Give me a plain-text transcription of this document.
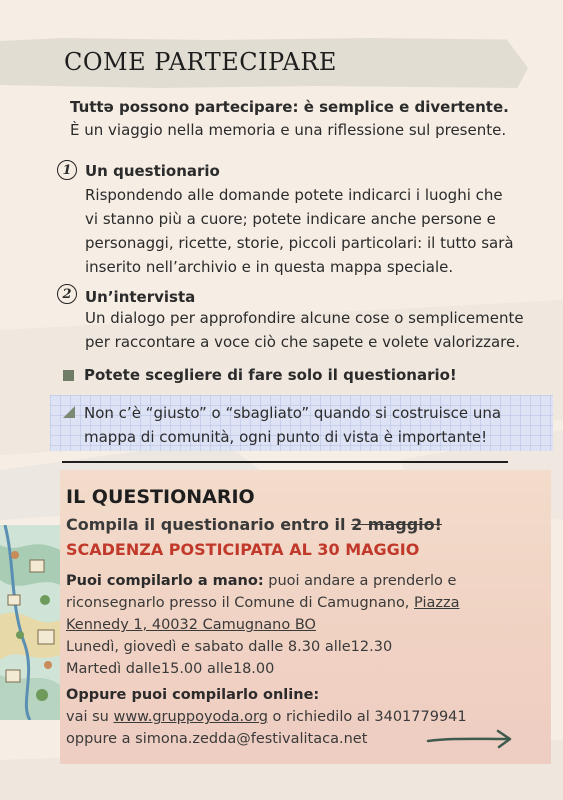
COME PARTECIPARE

Tuttə possono partecipare: è semplice e divertente.

È un viaggio nella memoria e una riflessione sul presente.

1 Un questionario

Rispondendo alle domande potete indicarci i luoghi che
vi stanno più a cuore; potete indicare anche persone e
personaggi, ricette, storie, piccoli particolari: il tutto sarà
inserito nell’archivio e in questa mappa speciale.
2 Un’intervista

Un dialogo per approfondire alcune cose o semplicemente
per raccontare a voce ciò che sapete e volete valorizzare.

Potete scegliere di fare solo il questionario!

Non c’è “giusto” o “sbagliato” quando si costruisce una
mappa di comunità, ogni punto di vista è importante!
IL QUESTIONARIO

Compila il questionario entro il 2 maggio!

SCADENZA POSTICIPATA AL 30 MAGGIO

Puoi compilarlo a mano: puoi andare a prenderlo e
riconsegnarlo presso il Comune di Camugnano, Piazza
Kennedy 1, 40032 Camugnano BO
Lunedì, giovedì e sabato dalle 8.30 alle12.30
Martedì dalle15.00 alle18.00
Oppure puoi compilarlo online:
vai su www.gruppoyoda.org o richiedilo al 3401779941
oppure a simona.zedda@festivalitaca.net
